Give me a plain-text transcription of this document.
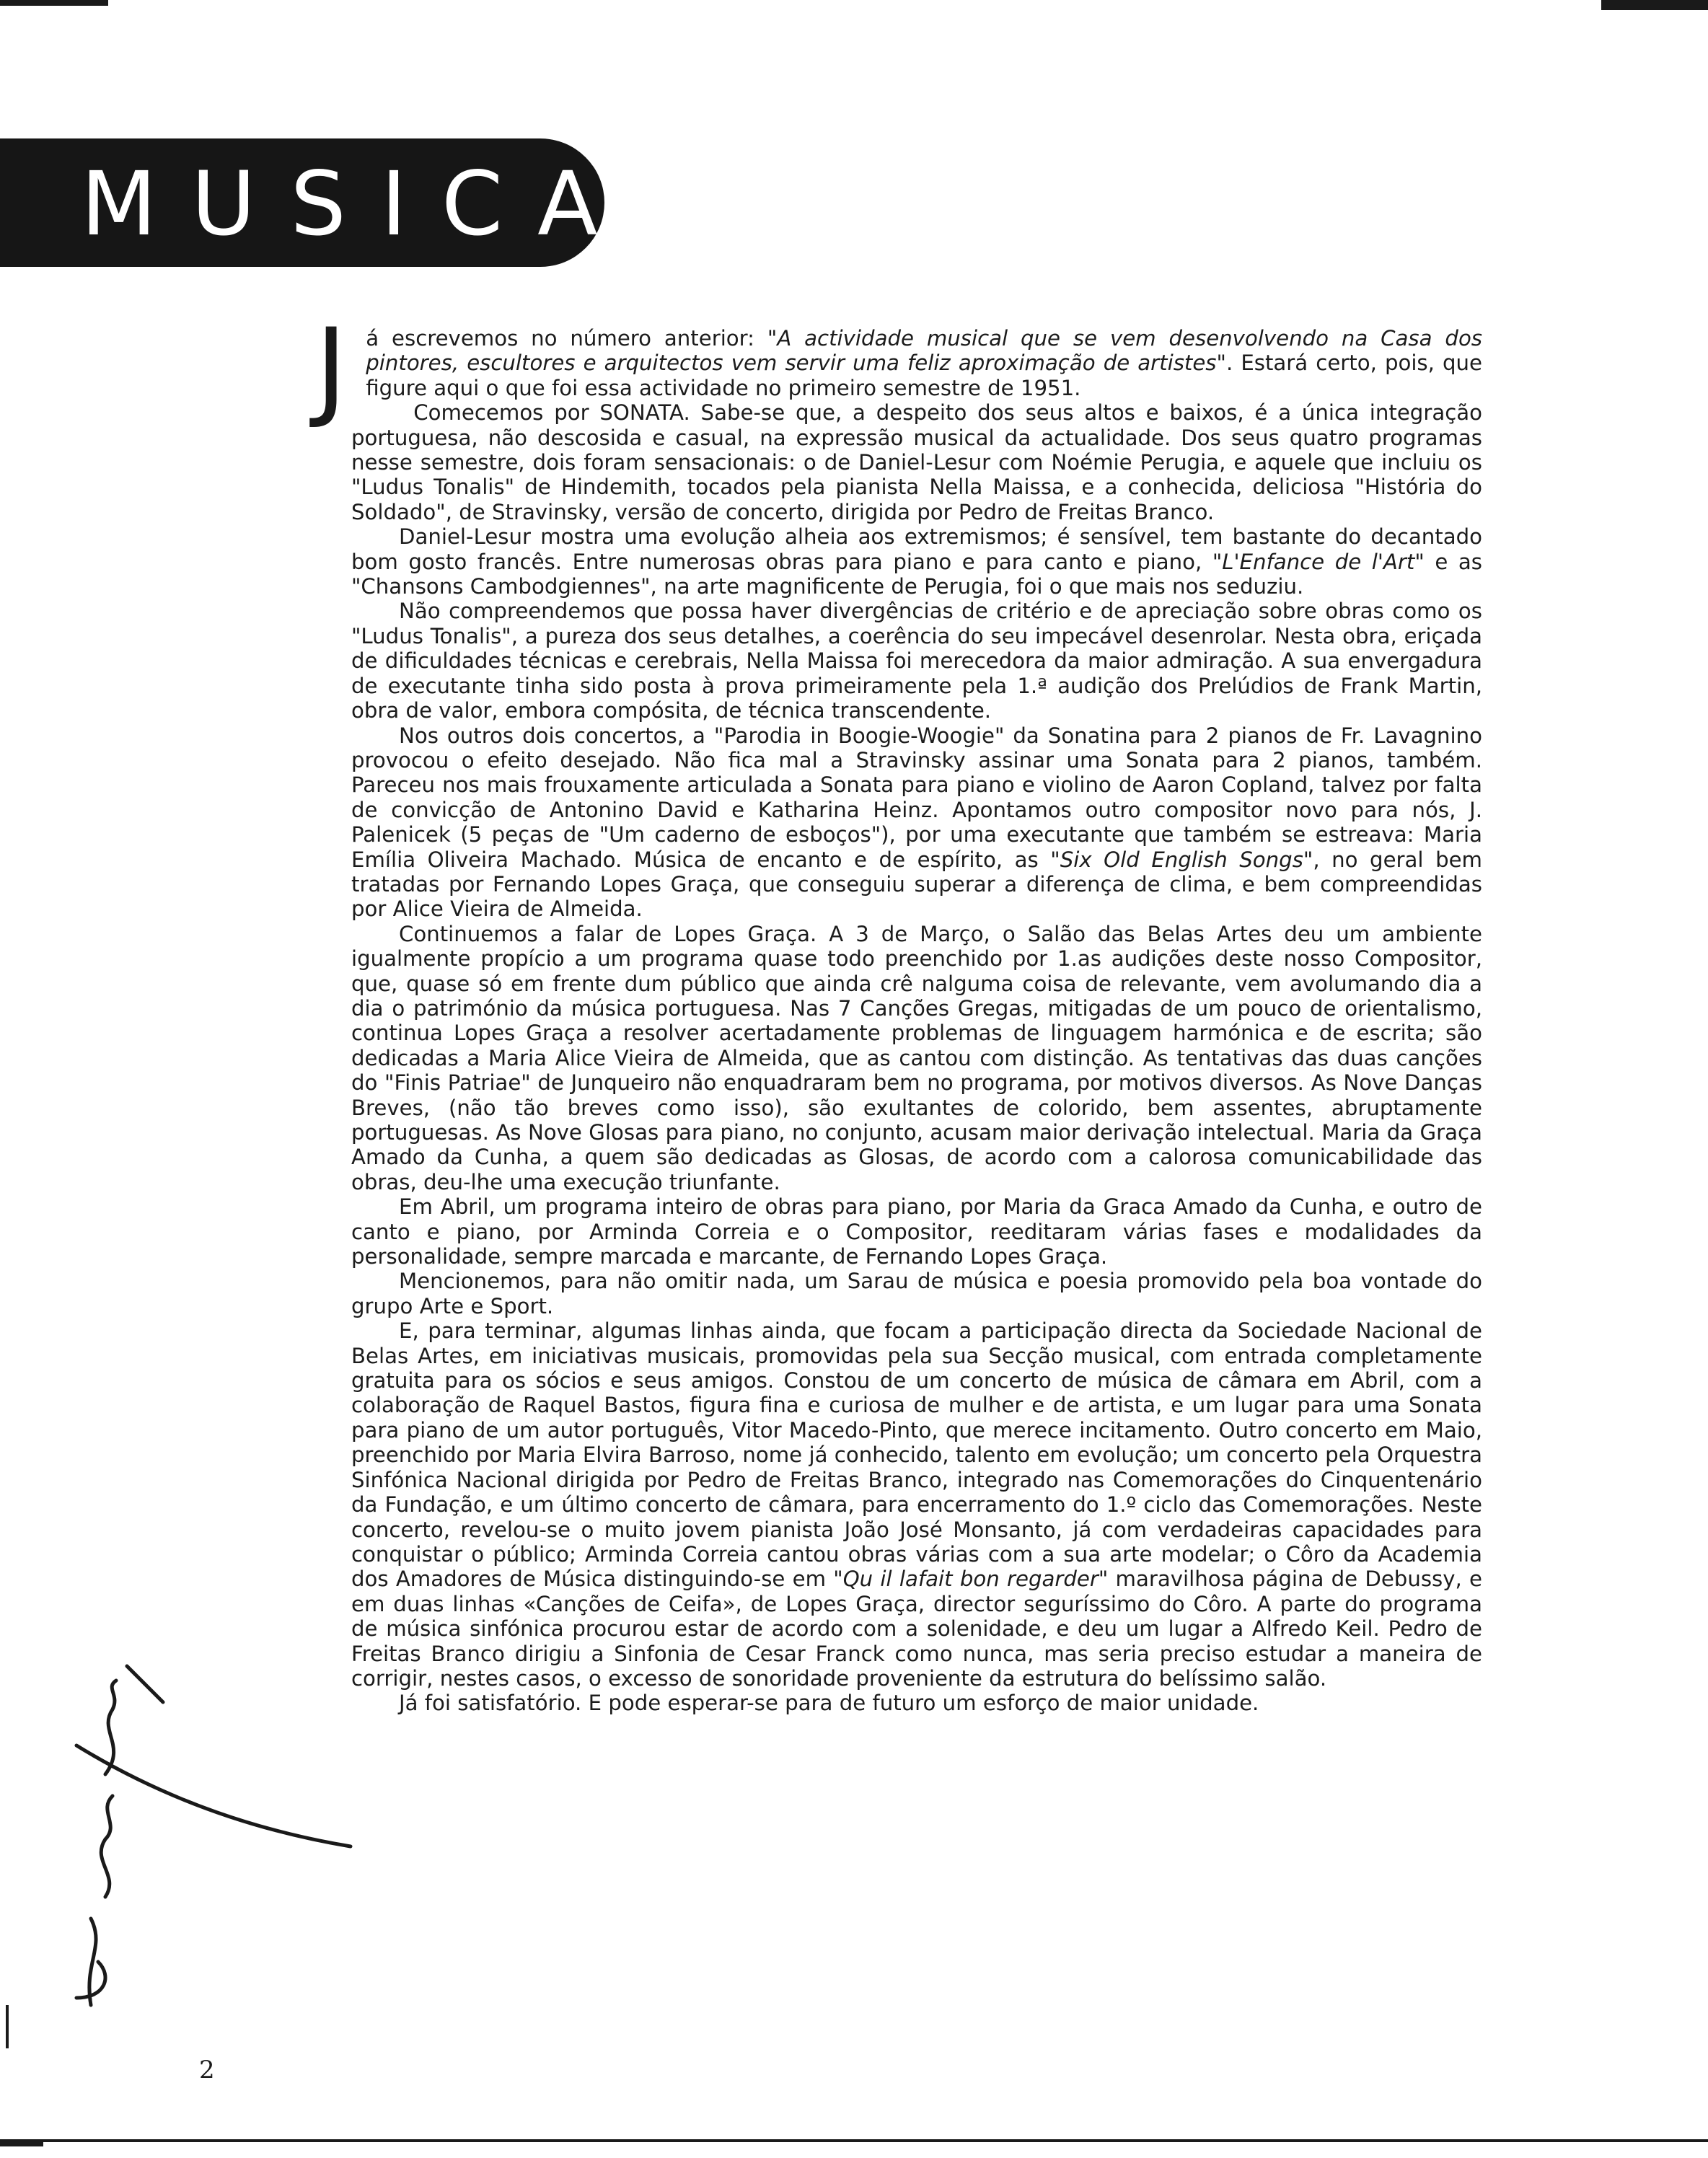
MUSICA

J á escrevemos no número anterior: "A actividade musical que se vem desenvolvendo na Casa dos pintores, escultores e arquitectos vem servir uma feliz aproximação de artistes". Estará certo, pois, que figure aqui o que foi essa actividade no primeiro semestre de 1951.

Comecemos por SONATA. Sabe-se que, a despeito dos seus altos e baixos, é a única integração portuguesa, não descosida e casual, na expressão musical da actualidade. Dos seus quatro programas nesse semestre, dois foram sensacionais: o de Daniel-Lesur com Noémie Perugia, e aquele que incluiu os "Ludus Tonalis" de Hindemith, tocados pela pianista Nella Maissa, e a conhecida, deliciosa "História do Soldado", de Stravinsky, versão de concerto, dirigida por Pedro de Freitas Branco.

Daniel-Lesur mostra uma evolução alheia aos extremismos; é sensível, tem bastante do decantado bom gosto francês. Entre numerosas obras para piano e para canto e piano, "L'Enfance de l'Art" e as "Chansons Cambodgiennes", na arte magnificente de Perugia, foi o que mais nos seduziu.

Não compreendemos que possa haver divergências de critério e de apreciação sobre obras como os "Ludus Tonalis", a pureza dos seus detalhes, a coerência do seu impecável desenrolar. Nesta obra, eriçada de dificuldades técnicas e cerebrais, Nella Maissa foi merecedora da maior admiração. A sua envergadura de executante tinha sido posta à prova primeiramente pela 1.ª audição dos Prelúdios de Frank Martin, obra de valor, embora compósita, de técnica transcendente.

Nos outros dois concertos, a "Parodia in Boogie-Woogie" da Sonatina para 2 pianos de Fr. Lavagnino provocou o efeito desejado. Não fica mal a Stravinsky assinar uma Sonata para 2 pianos, também. Pareceu nos mais frouxamente articulada a Sonata para piano e violino de Aaron Copland, talvez por falta de convicção de Antonino David e Katharina Heinz. Apontamos outro compositor novo para nós, J. Palenicek (5 peças de "Um caderno de esboços"), por uma executante que também se estreava: Maria Emília Oliveira Machado. Música de encanto e de espírito, as "Six Old English Songs", no geral bem tratadas por Fernando Lopes Graça, que conseguiu superar a diferença de clima, e bem compreendidas por Alice Vieira de Almeida.

Continuemos a falar de Lopes Graça. A 3 de Março, o Salão das Belas Artes deu um ambiente igualmente propício a um programa quase todo preenchido por 1.as audições deste nosso Compositor, que, quase só em frente dum público que ainda crê nalguma coisa de relevante, vem avolumando dia a dia o património da música portuguesa. Nas 7 Canções Gregas, mitigadas de um pouco de orientalismo, continua Lopes Graça a resolver acertadamente problemas de linguagem harmónica e de escrita; são dedicadas a Maria Alice Vieira de Almeida, que as cantou com distinção. As tentativas das duas canções do "Finis Patriae" de Junqueiro não enquadraram bem no programa, por motivos diversos. As Nove Danças Breves, (não tão breves como isso), são exultantes de colorido, bem assentes, abruptamente portuguesas. As Nove Glosas para piano, no conjunto, acusam maior derivação intelectual. Maria da Graça Amado da Cunha, a quem são dedicadas as Glosas, de acordo com a calorosa comunicabilidade das obras, deu-lhe uma execução triunfante.

Em Abril, um programa inteiro de obras para piano, por Maria da Graca Amado da Cunha, e outro de canto e piano, por Arminda Correia e o Compositor, reeditaram várias fases e modalidades da personalidade, sempre marcada e marcante, de Fernando Lopes Graça.

Mencionemos, para não omitir nada, um Sarau de música e poesia promovido pela boa vontade do grupo Arte e Sport.

E, para terminar, algumas linhas ainda, que focam a participação directa da Sociedade Nacional de Belas Artes, em iniciativas musicais, promovidas pela sua Secção musical, com entrada completamente gratuita para os sócios e seus amigos. Constou de um concerto de música de câmara em Abril, com a colaboração de Raquel Bastos, figura fina e curiosa de mulher e de artista, e um lugar para uma Sonata para piano de um autor português, Vitor Macedo-Pinto, que merece incitamento. Outro concerto em Maio, preenchido por Maria Elvira Barroso, nome já conhecido, talento em evolução; um concerto pela Orquestra Sinfónica Nacional dirigida por Pedro de Freitas Branco, integrado nas Comemorações do Cinquentenário da Fundação, e um último concerto de câmara, para encerramento do 1.º ciclo das Comemorações. Neste concerto, revelou-se o muito jovem pianista João José Monsanto, já com verdadeiras capacidades para conquistar o público; Arminda Correia cantou obras várias com a sua arte modelar; o Côro da Academia dos Amadores de Música distinguindo-se em "Qu il lafait bon regarder" maravilhosa página de Debussy, e em duas linhas «Canções de Ceifa», de Lopes Graça, director seguríssimo do Côro. A parte do programa de música sinfónica procurou estar de acordo com a solenidade, e deu um lugar a Alfredo Keil. Pedro de Freitas Branco dirigiu a Sinfonia de Cesar Franck como nunca, mas seria preciso estudar a maneira de corrigir, nestes casos, o excesso de sonoridade proveniente da estrutura do belíssimo salão.

Já foi satisfatório. E pode esperar-se para de futuro um esforço de maior unidade.

2
